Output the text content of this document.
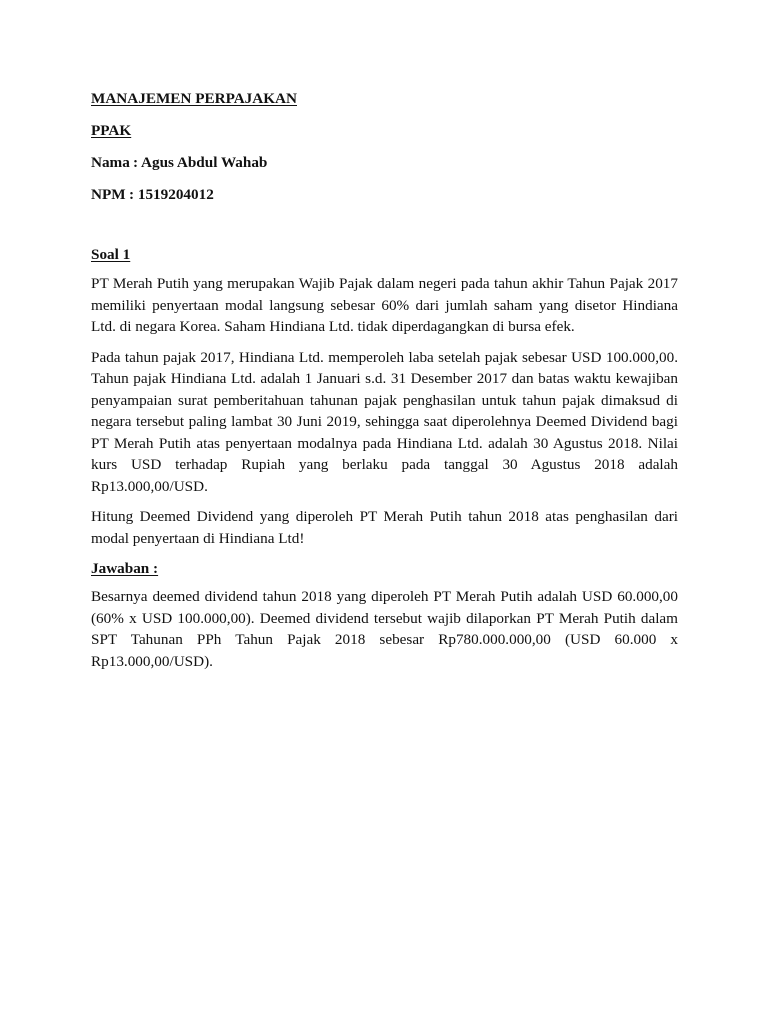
MANAJEMEN PERPAJAKAN
PPAK
Nama : Agus Abdul Wahab
NPM : 1519204012
Soal 1

PT Merah Putih yang merupakan Wajib Pajak dalam negeri pada tahun akhir Tahun Pajak 2017 memiliki penyertaan modal langsung sebesar 60% dari jumlah saham yang disetor Hindiana Ltd. di negara Korea. Saham Hindiana Ltd. tidak diperdagangkan di bursa efek.

Pada tahun pajak 2017, Hindiana Ltd. memperoleh laba setelah pajak sebesar USD 100.000,00. Tahun pajak Hindiana Ltd. adalah 1 Januari s.d. 31 Desember 2017 dan batas waktu kewajiban penyampaian surat pemberitahuan tahunan pajak penghasilan untuk tahun pajak dimaksud di negara tersebut paling lambat 30 Juni 2019, sehingga saat diperolehnya Deemed Dividend bagi PT Merah Putih atas penyertaan modalnya pada Hindiana Ltd. adalah 30 Agustus 2018. Nilai kurs USD terhadap Rupiah yang berlaku pada tanggal 30 Agustus 2018 adalah Rp13.000,00/USD.

Hitung Deemed Dividend yang diperoleh PT Merah Putih tahun 2018 atas penghasilan dari modal penyertaan di Hindiana Ltd!

Jawaban :

Besarnya deemed dividend tahun 2018 yang diperoleh PT Merah Putih adalah USD 60.000,00 (60% x USD 100.000,00). Deemed dividend tersebut wajib dilaporkan PT Merah Putih dalam SPT Tahunan PPh Tahun Pajak 2018 sebesar Rp780.000.000,00 (USD 60.000 x Rp13.000,00/USD).
